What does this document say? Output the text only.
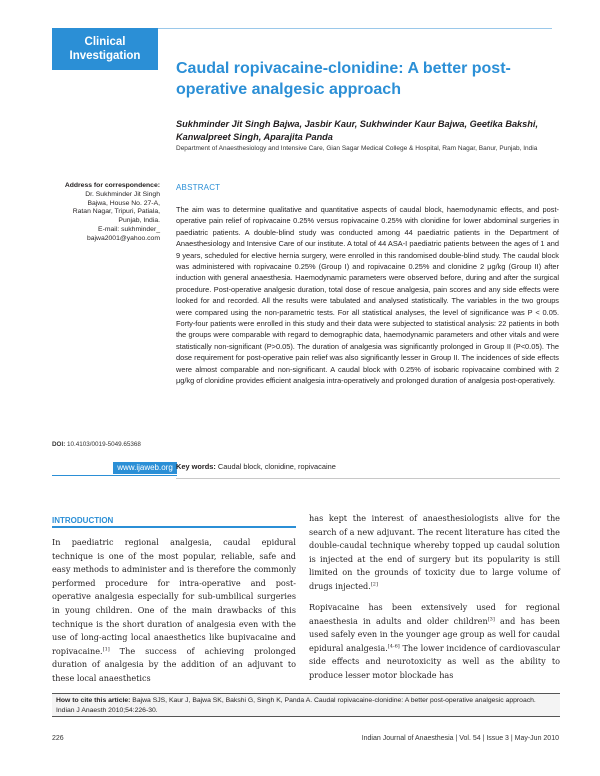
Clinical
Investigation
Caudal ropivacaine-clonidine: A better post-operative analgesic approach
Sukhminder Jit Singh Bajwa, Jasbir Kaur, Sukhwinder Kaur Bajwa, Geetika Bakshi, Kanwalpreet Singh, Aparajita Panda
Department of Anaesthesiology and Intensive Care, Gian Sagar Medical College & Hospital, Ram Nagar, Banur, Punjab, India
Address for correspondence:
Dr. Sukhminder Jit Singh
Bajwa, House No. 27-A,
Ratan Nagar, Tripuri, Patiala,
Punjab, India.
E-mail: sukhminder_
bajwa2001@yahoo.com
ABSTRACT

The aim was to determine qualitative and quantitative aspects of caudal block, haemodynamic effects, and post-operative pain relief of ropivacaine 0.25% versus ropivacaine 0.25% with clonidine for lower abdominal surgeries in paediatric patients. A double-blind study was conducted among 44 paediatric patients in the Department of Anaesthesiology and Intensive Care of our institute. A total of 44 ASA-I paediatric patients between the ages of 1 and 9 years, scheduled for elective hernia surgery, were enrolled in this randomised double-blind study. The caudal block was administered with ropivacaine 0.25% (Group I) and ropivacaine 0.25% and clonidine 2 μg/kg (Group II) after induction with general anaesthesia. Haemodynamic parameters were observed before, during and after the surgical procedure. Post-operative analgesic duration, total dose of rescue analgesia, pain scores and any side effects were looked for and recorded. All the results were tabulated and analysed statistically. The variables in the two groups were compared using the non-parametric tests. For all statistical analyses, the level of significance was P < 0.05. Forty-four patients were enrolled in this study and their data were subjected to statistical analysis: 22 patients in both the groups were comparable with regard to demographic data, haemodynamic parameters and other vitals and were statistically non-significant (P>0.05). The duration of analgesia was significantly prolonged in Group II (P<0.05). The dose requirement for post-operative pain relief was also significantly lesser in Group II. The incidences of side effects were almost comparable and non-significant. A caudal block with 0.25% of isobaric ropivacaine combined with 2 μg/kg of clonidine provides efficient analgesia intra-operatively and prolonged duration of analgesia post-operatively.

DOI: 10.4103/0019-5049.65368
www.ijaweb.org Key words: Caudal block, clonidine, ropivacaine
INTRODUCTION

In paediatric regional analgesia, caudal epidural technique is one of the most popular, reliable, safe and easy methods to administer and is therefore the commonly performed procedure for intra-operative and post-operative analgesia especially for sub-umbilical surgeries in young children. One of the main drawbacks of this technique is the short duration of analgesia even with the use of long-acting local anaesthetics like bupivacaine and ropivacaine.[1] The success of achieving prolonged duration of analgesia by the addition of an adjuvant to these local anaesthetics

has kept the interest of anaesthesiologists alive for the search of a new adjuvant. The recent literature has cited the double-caudal technique whereby topped up caudal solution is injected at the end of surgery but its popularity is still limited on the grounds of toxicity due to large volume of drugs injected.[2]

Ropivacaine has been extensively used for regional anaesthesia in adults and older children[3] and has been used safely even in the younger age group as well for caudal epidural analgesia.[4-6] The lower incidence of cardiovascular side effects and neurotoxicity as well as the ability to produce lesser motor blockade has

How to cite this article: Bajwa SJS, Kaur J, Bajwa SK, Bakshi G, Singh K, Panda A. Caudal ropivacaine-clonidine: A better post-operative analgesic approach. Indian J Anaesth 2010;54:226-30.
226	Indian Journal of Anaesthesia | Vol. 54 | Issue 3 | May-Jun 2010
